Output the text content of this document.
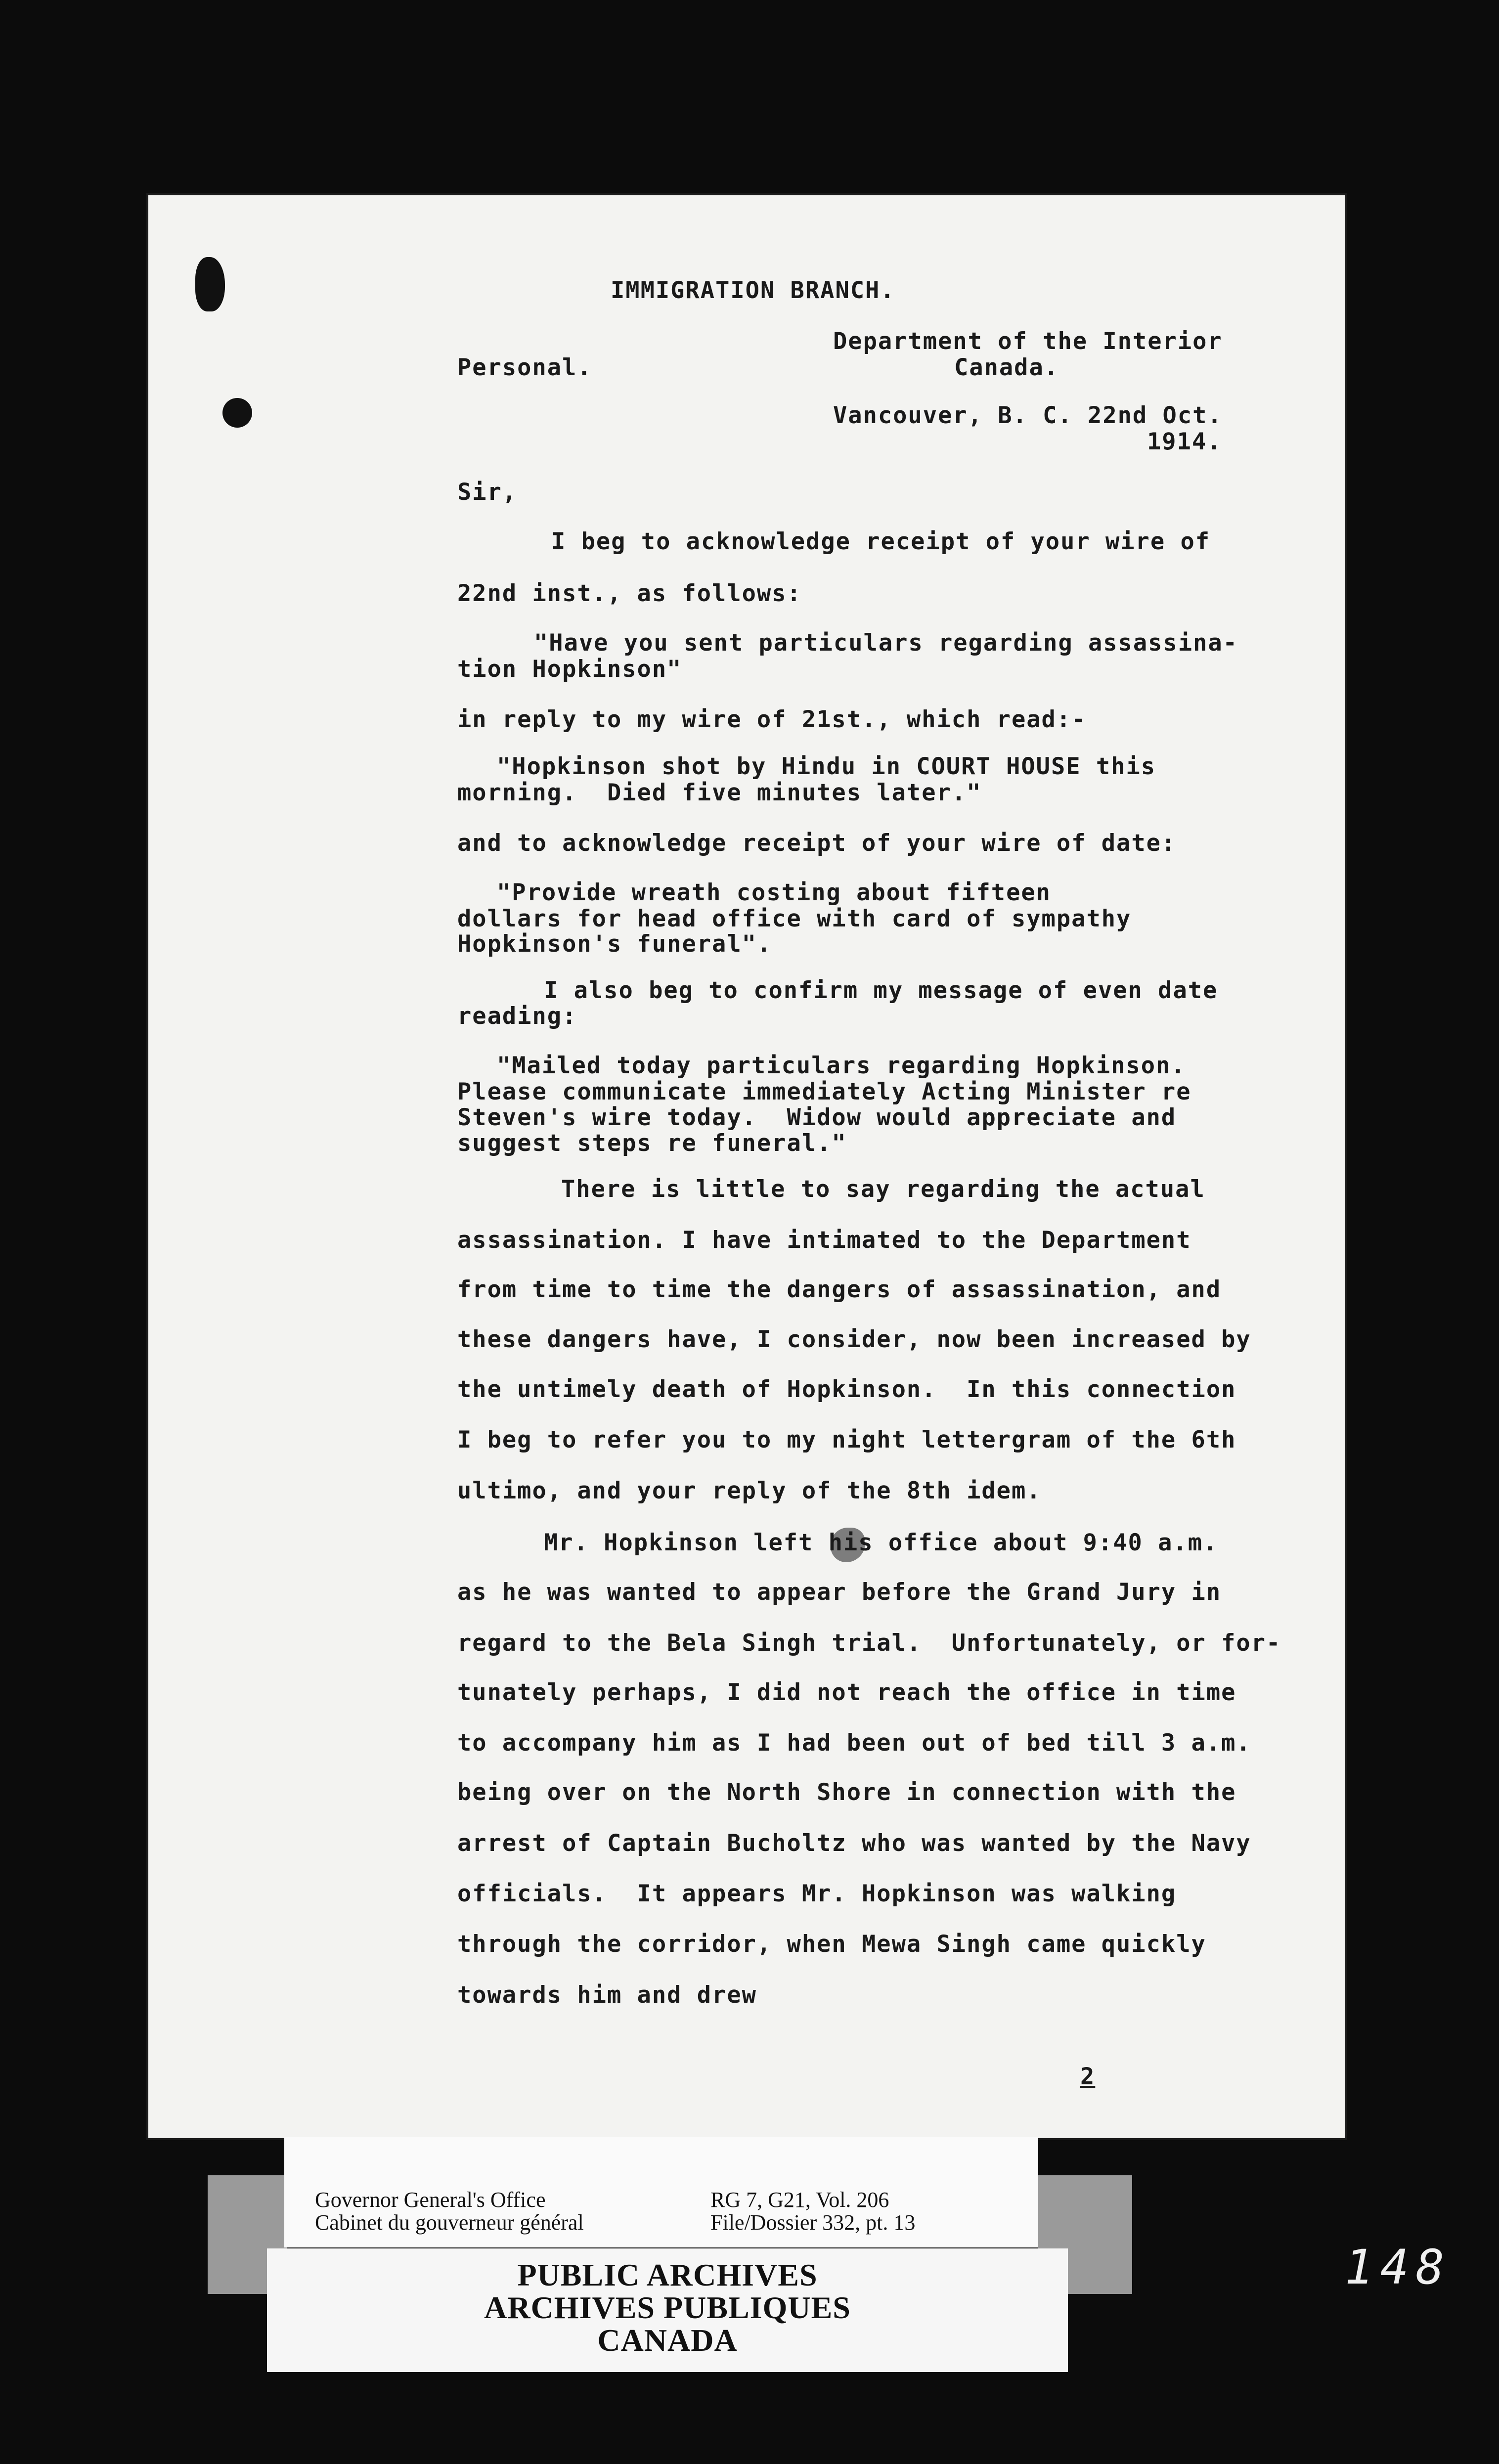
IMMIGRATION BRANCH.
Department of the Interior
Personal.	Canada.
Vancouver, B. C. 22nd Oct.
1914.
Sir,
I beg to acknowledge receipt of your wire of
22nd inst., as follows:
"Have you sent particulars regarding assassina-
tion Hopkinson"
in reply to my wire of 21st., which read:-
"Hopkinson shot by Hindu in COURT HOUSE this
morning.  Died five minutes later."
and to acknowledge receipt of your wire of date:
"Provide wreath costing about fifteen
dollars for head office with card of sympathy
Hopkinson's funeral".
I also beg to confirm my message of even date
reading:
"Mailed today particulars regarding Hopkinson.
Please communicate immediately Acting Minister re
Steven's wire today.  Widow would appreciate and
suggest steps re funeral."
There is little to say regarding the actual
assassination. I have intimated to the Department
from time to time the dangers of assassination, and
these dangers have, I consider, now been increased by
the untimely death of Hopkinson.  In this connection
I beg to refer you to my night lettergram of the 6th
ultimo, and your reply of the 8th idem.
Mr. Hopkinson left his office about 9:40 a.m.
as he was wanted to appear before the Grand Jury in
regard to the Bela Singh trial.  Unfortunately, or for-
tunately perhaps, I did not reach the office in time
to accompany him as I had been out of bed till 3 a.m.
being over on the North Shore in connection with the
arrest of Captain Bucholtz who was wanted by the Navy
officials.  It appears Mr. Hopkinson was walking
through the corridor, when Mewa Singh came quickly
towards him and drew
2
Governor General's Office
Cabinet du gouverneur général
RG 7, G21, Vol. 206
File/Dossier 332, pt. 13
PUBLIC ARCHIVES
ARCHIVES PUBLIQUES
CANADA
148
